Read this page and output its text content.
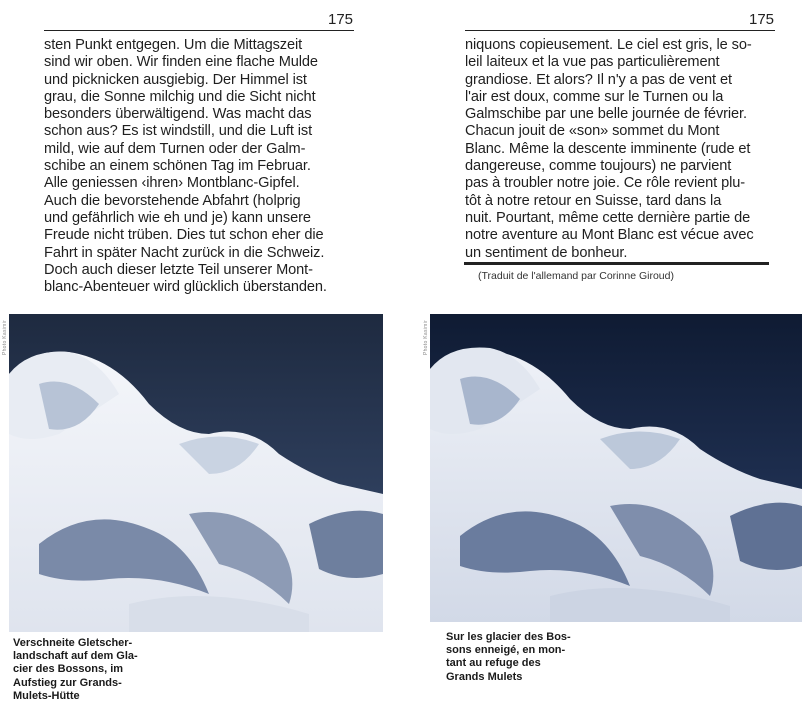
175
sten Punkt entgegen. Um die Mittagszeit
sind wir oben. Wir finden eine flache Mulde
und picknicken ausgiebig. Der Himmel ist
grau, die Sonne milchig und die Sicht nicht
besonders überwältigend. Was macht das
schon aus? Es ist windstill, und die Luft ist
mild, wie auf dem Turnen oder der Galm-
schibe an einem schönen Tag im Februar.
Alle geniessen ‹ihren› Montblanc-Gipfel.
Auch die bevorstehende Abfahrt (holprig
und gefährlich wie eh und je) kann unsere
Freude nicht trüben. Dies tut schon eher die
Fahrt in später Nacht zurück in die Schweiz.
Doch auch dieser letzte Teil unserer Mont-
blanc-Abenteuer wird glücklich überstanden.
Photo Kasimir
Verschneite Gletscher-
landschaft auf dem Gla-
cier des Bossons, im
Aufstieg zur Grands-
Mulets-Hütte
175
niquons copieusement. Le ciel est gris, le so-
leil laiteux et la vue pas particulièrement
grandiose. Et alors? Il n'y a pas de vent et
l'air est doux, comme sur le Turnen ou la
Galmschibe par une belle journée de février.
Chacun jouit de «son» sommet du Mont
Blanc. Même la descente imminente (rude et
dangereuse, comme toujours) ne parvient
pas à troubler notre joie. Ce rôle revient plu-
tôt à notre retour en Suisse, tard dans la
nuit. Pourtant, même cette dernière partie de
notre aventure au Mont Blanc est vécue avec
un sentiment de bonheur.
(Traduit de l'allemand par Corinne Giroud)
Photo Kasimir
Sur les glacier des Bos-
sons enneigé, en mon-
tant au refuge des
Grands Mulets
